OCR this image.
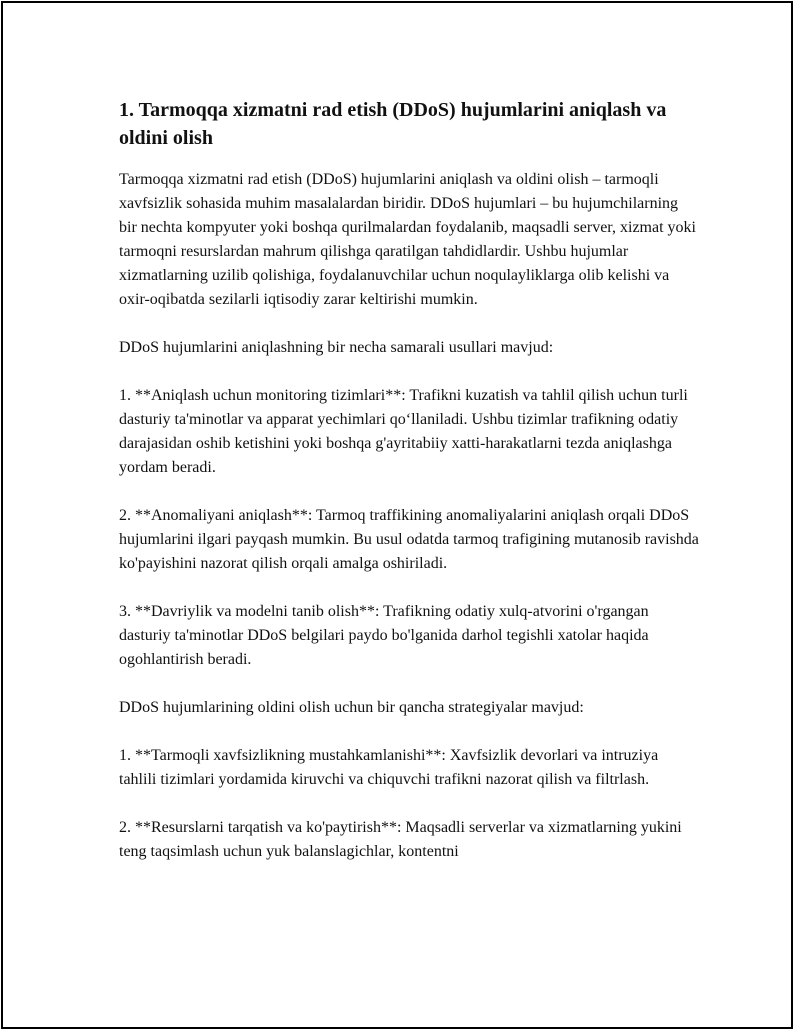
1. Tarmoqqa xizmatni rad etish (DDoS) hujumlarini aniqlash va oldini olish

Tarmoqqa xizmatni rad etish (DDoS) hujumlarini aniqlash va oldini olish – tarmoqli xavfsizlik sohasida muhim masalalardan biridir. DDoS hujumlari – bu hujumchilarning bir nechta kompyuter yoki boshqa qurilmalardan foydalanib, maqsadli server, xizmat yoki tarmoqni resurslardan mahrum qilishga qaratilgan tahdidlardir. Ushbu hujumlar xizmatlarning uzilib qolishiga, foydalanuvchilar uchun noqulayliklarga olib kelishi va oxir-oqibatda sezilarli iqtisodiy zarar keltirishi mumkin.

DDoS hujumlarini aniqlashning bir necha samarali usullari mavjud:

1. **Aniqlash uchun monitoring tizimlari**: Trafikni kuzatish va tahlil qilish uchun turli dasturiy ta'minotlar va apparat yechimlari qo‘llaniladi. Ushbu tizimlar trafikning odatiy darajasidan oshib ketishini yoki boshqa g'ayritabiiy xatti-harakatlarni tezda aniqlashga yordam beradi.

2. **Anomaliyani aniqlash**: Tarmoq traffikining anomaliyalarini aniqlash orqali DDoS hujumlarini ilgari payqash mumkin. Bu usul odatda tarmoq trafigining mutanosib ravishda ko'payishini nazorat qilish orqali amalga oshiriladi.

3. **Davriylik va modelni tanib olish**: Trafikning odatiy xulq-atvorini o'rgangan dasturiy ta'minotlar DDoS belgilari paydo bo'lganida darhol tegishli xatolar haqida ogohlantirish beradi.

DDoS hujumlarining oldini olish uchun bir qancha strategiyalar mavjud:

1. **Tarmoqli xavfsizlikning mustahkamlanishi**: Xavfsizlik devorlari va intruziya tahlili tizimlari yordamida kiruvchi va chiquvchi trafikni nazorat qilish va filtrlash.

2. **Resurslarni tarqatish va ko'paytirish**: Maqsadli serverlar va xizmatlarning yukini teng taqsimlash uchun yuk balanslagichlar, kontentni
